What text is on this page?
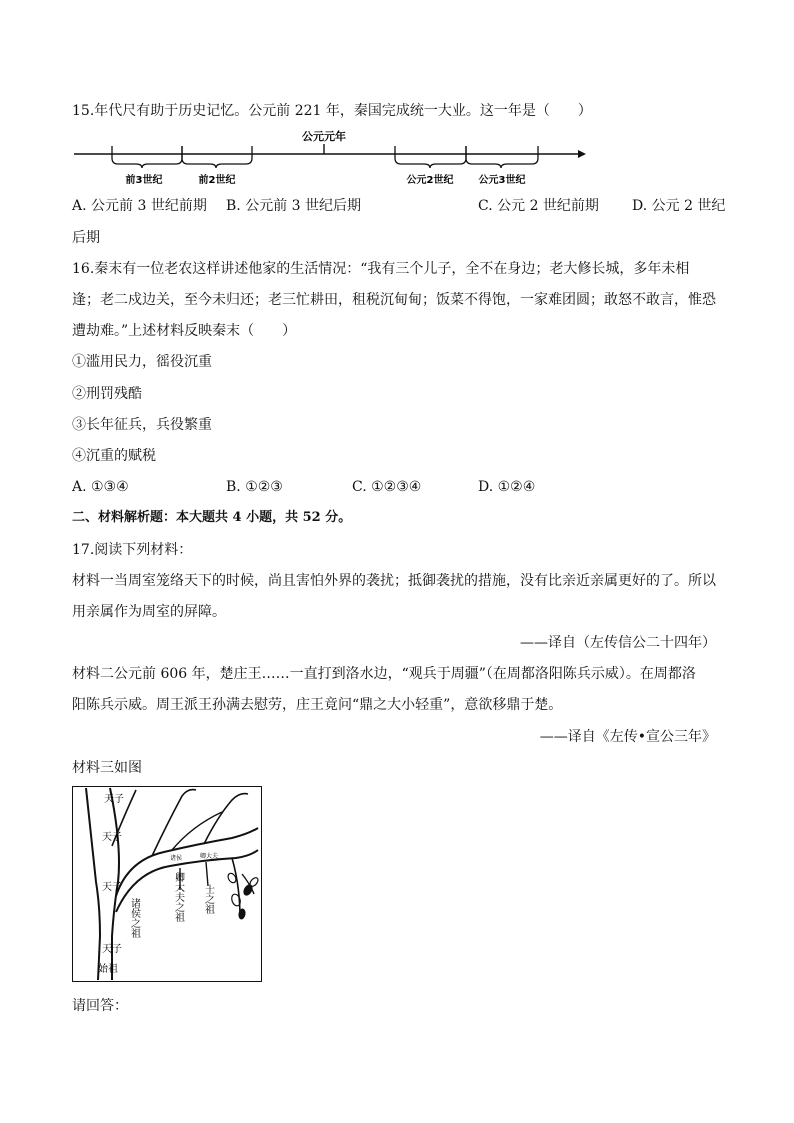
15.年代尺有助于历史记忆。公元前 221 年，秦国完成统一大业。这一年是（　　）
公元元年
前3世纪	前2世纪	公元2世纪	公元3世纪
A. 公元前 3 世纪前期 B. 公元前 3 世纪后期	C. 公元 2 世纪前期 D. 公元 2 世纪
后期
16.秦末有一位老农这样讲述他家的生活情况：“我有三个儿子，全不在身边；老大修长城，多年未相
逢；老二戍边关，至今未归还；老三忙耕田，租税沉甸甸；饭菜不得饱，一家难团圆；敢怒不敢言，惟恐
遭劫难。”上述材料反映秦末（　　）
①滥用民力，徭役沉重
②刑罚残酷
③长年征兵，兵役繁重
④沉重的赋税
A. ①③④	B. ①②③	C. ①②③④	D. ①②④
二、材料解析题：本大题共 4 小题，共 52 分。
17.阅读下列材料：
材料一当周室笼络天下的时候，尚且害怕外界的袭扰；抵御袭扰的措施，没有比亲近亲属更好的了。所以
用亲属作为周室的屏障。
——译自（左传信公二十四年）
材料二公元前 606 年，楚庄王……一直打到洛水边，“观兵于周疆”（在周都洛阳陈兵示威）。在周都洛
阳陈兵示威。周王派王孙满去慰劳，庄王竟问“鼎之大小轻重”，意欲移鼎于楚。
——译自《左传•宣公三年》
材料三如图
天子
天子
天子
天子
始祖
诸侯	卿大夫
诸侯之祖	卿大夫之祖 士之祖
请回答：
